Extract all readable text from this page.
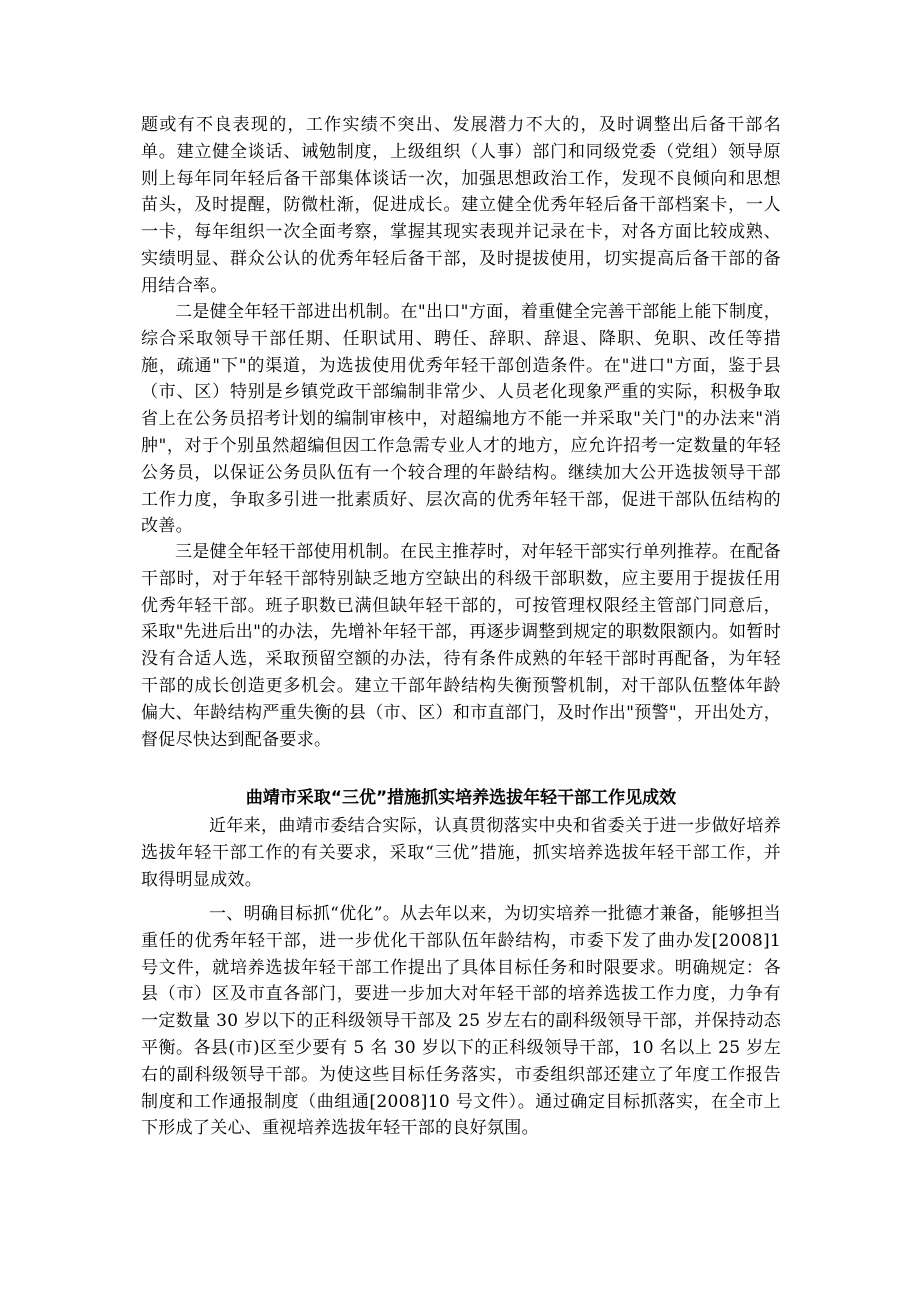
题或有不良表现的，工作实绩不突出、发展潜力不大的，及时调整出后备干部名单。建立健全谈话、诫勉制度，上级组织（人事）部门和同级党委（党组）领导原则上每年同年轻后备干部集体谈话一次，加强思想政治工作，发现不良倾向和思想苗头，及时提醒，防微杜渐，促进成长。建立健全优秀年轻后备干部档案卡，一人一卡，每年组织一次全面考察，掌握其现实表现并记录在卡，对各方面比较成熟、实绩明显、群众公认的优秀年轻后备干部，及时提拔使用，切实提高后备干部的备用结合率。

二是健全年轻干部进出机制。在"出口"方面，着重健全完善干部能上能下制度，综合采取领导干部任期、任职试用、聘任、辞职、辞退、降职、免职、改任等措施，疏通"下"的渠道，为选拔使用优秀年轻干部创造条件。在"进口"方面，鉴于县（市、区）特别是乡镇党政干部编制非常少、人员老化现象严重的实际，积极争取省上在公务员招考计划的编制审核中，对超编地方不能一并采取"关门"的办法来"消肿"，对于个别虽然超编但因工作急需专业人才的地方，应允许招考一定数量的年轻公务员，以保证公务员队伍有一个较合理的年龄结构。继续加大公开选拔领导干部工作力度，争取多引进一批素质好、层次高的优秀年轻干部，促进干部队伍结构的改善。

三是健全年轻干部使用机制。在民主推荐时，对年轻干部实行单列推荐。在配备干部时，对于年轻干部特别缺乏地方空缺出的科级干部职数，应主要用于提拔任用优秀年轻干部。班子职数已满但缺年轻干部的，可按管理权限经主管部门同意后，采取"先进后出"的办法，先增补年轻干部，再逐步调整到规定的职数限额内。如暂时没有合适人选，采取预留空额的办法，待有条件成熟的年轻干部时再配备，为年轻干部的成长创造更多机会。建立干部年龄结构失衡预警机制，对干部队伍整体年龄偏大、年龄结构严重失衡的县（市、区）和市直部门，及时作出"预警"，开出处方，督促尽快达到配备要求。

曲靖市采取“三优”措施抓实培养选拔年轻干部工作见成效

近年来，曲靖市委结合实际，认真贯彻落实中央和省委关于进一步做好培养选拔年轻干部工作的有关要求，采取“三优”措施，抓实培养选拔年轻干部工作，并取得明显成效。

一、明确目标抓“优化”。从去年以来，为切实培养一批德才兼备，能够担当重任的优秀年轻干部，进一步优化干部队伍年龄结构，市委下发了曲办发[2008]1 号文件，就培养选拔年轻干部工作提出了具体目标任务和时限要求。明确规定：各县（市）区及市直各部门，要进一步加大对年轻干部的培养选拔工作力度，力争有一定数量 30 岁以下的正科级领导干部及 25 岁左右的副科级领导干部，并保持动态平衡。各县(市)区至少要有 5 名 30 岁以下的正科级领导干部，10 名以上 25 岁左右的副科级领导干部。为使这些目标任务落实，市委组织部还建立了年度工作报告制度和工作通报制度（曲组通[2008]10 号文件）。通过确定目标抓落实，在全市上下形成了关心、重视培养选拔年轻干部的良好氛围。
